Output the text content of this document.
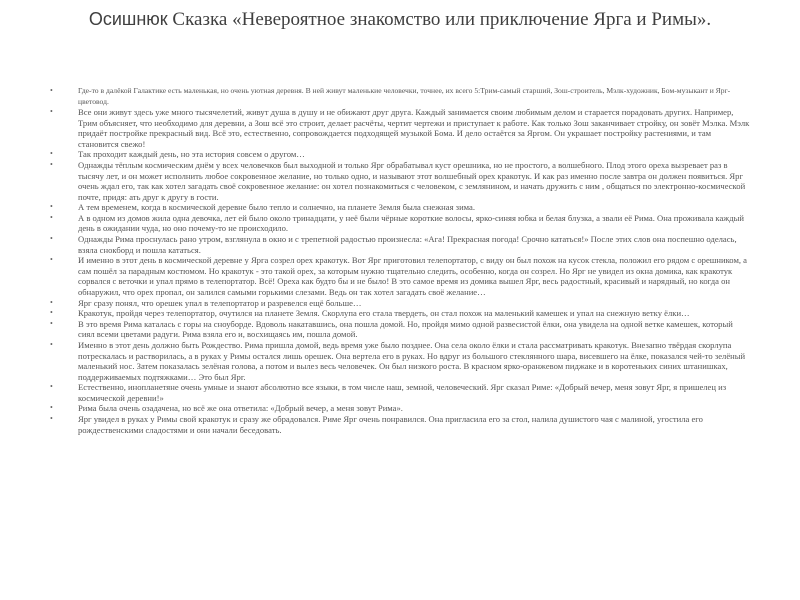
Осишнюк Сказка «Невероятное знакомство или приключение Ярга и Римы».
•	Где-то в далёкой Галактике есть маленькая, но очень уютная деревня. В ней живут маленькие человечки, точнее, их всего 5:Трим-самый старший, Зош-строитель, Мэлк-художник, Бом-музыкант и Ярг-цветовод.
•	Все они живут здесь уже много тысячелетий, живут душа в душу и не обижают друг друга. Каждый занимается своим любимым делом и старается порадовать других. Например, Трим объясняет, что необходимо для деревни, а Зош всё это строит, делает расчёты, чертит чертежи и приступает к работе. Как только Зош заканчивает стройку, он зовёт Мэлка. Мэлк придаёт постройке прекрасный вид. Всё это, естественно, сопровождается подходящей музыкой Бома. И дело остаётся за Яргом. Он украшает постройку растениями, и там становится свежо!
•	Так проходит каждый день, но эта история совсем о другом…
•	Однажды тёплым космическим днём у всех человечков был выходной и только Ярг обрабатывал куст орешника, но не простого, а волшебного. Плод этого ореха вызревает раз в тысячу лет, и он может исполнить любое сокровенное желание, но только одно, и называют этот волшебный орех кракотук. И как раз именно после завтра он должен появиться. Ярг очень ждал его, так как хотел загадать своё сокровенное желание: он хотел познакомиться с человеком, с землянином, и начать дружить с ним , общаться по электронно-космической почте, придя: ать друг к другу в гости.
•	А тем временем, когда в космической деревне было тепло и солнечно, на планете Земля была снежная зима.
•	А в одном из домов жила одна девочка, лет ей было около тринадцати, у неё были чёрные короткие волосы, ярко-синяя юбка и белая блузка, а звали её Рима. Она проживала каждый день в ожидании чуда, но оно почему-то не происходило.
•	Однажды Рима проснулась рано утром, взглянула в окно и с трепетной радостью произнесла: «Ага! Прекрасная погода! Срочно кататься!» После этих слов она поспешно оделась, взяла снокборд и пошла кататься.
•	И именно в этот день в космической деревне у Ярга созрел орех кракотук. Вот Ярг приготовил телепортатор, с виду он был похож на кусок стекла, положил его рядом с орешником, а сам пошёл за парадным костюмом. Но кракотук - это такой орех, за которым нужно тщательно следить, особенно, когда он созрел. Но Ярг не увидел из окна домика, как кракотук сорвался с веточки и упал прямо в телепортатор. Всё! Ореха как будто бы и не было! В это самое время из домика вышел Ярг, весь радостный, красивый и нарядный, но когда он обнаружил, что орех пропал, он залился самыми горькими слезами. Ведь он так хотел загадать своё желание…
•	Ярг сразу понял, что орешек упал в телепортатор и разревелся ещё больше…
•	Кракотук, пройдя через телепортатор, очутился на планете Земля. Скорлупа его стала твердеть, он стал похож на маленький камешек и упал на снежную ветку ёлки…
•	В это время Рима каталась с горы на сноуборде. Вдоволь накатавшись, она пошла домой. Но, пройдя мимо одной развесистой ёлки, она увидела на одной ветке камешек, который сиял всеми цветами радуги. Рима взяла его и, восхищаясь им, пошла домой.
•	Именно в этот день должно быть Рождество. Рима пришла домой, ведь время уже было позднее. Она села около ёлки и стала рассматривать кракотук. Внезапно твёрдая скорлупа потрескалась и растворилась, а в руках у Римы остался лишь орешек. Она вертела его в руках. Но вдруг из большого стеклянного шара, висевшего на ёлке, показался чей-то зелёный маленький нос. Затем показалась зелёная голова, а потом и вылез весь человечек. Он был низкого роста. В красном ярко-оранжевом пиджаке и в коротеньких синих штанишках, поддерживаемых подтяжками… Это был Ярг.
•	Естественно, инопланетяне очень умные и знают абсолютно все языки, в том числе наш, земной, человеческий. Ярг сказал Риме: «Добрый вечер, меня зовут Ярг, я пришелец из космической деревни!»
•	Рима была очень озадачена, но всё же она ответила: «Добрый вечер, а меня зовут Рима».
•	Ярг увидел в руках у Римы свой кракотук и сразу же обрадовался. Риме Ярг очень понравился. Она пригласила его за стол, налила душистого чая с малиной, угостила его рождественскими сладостями и они начали беседовать.
